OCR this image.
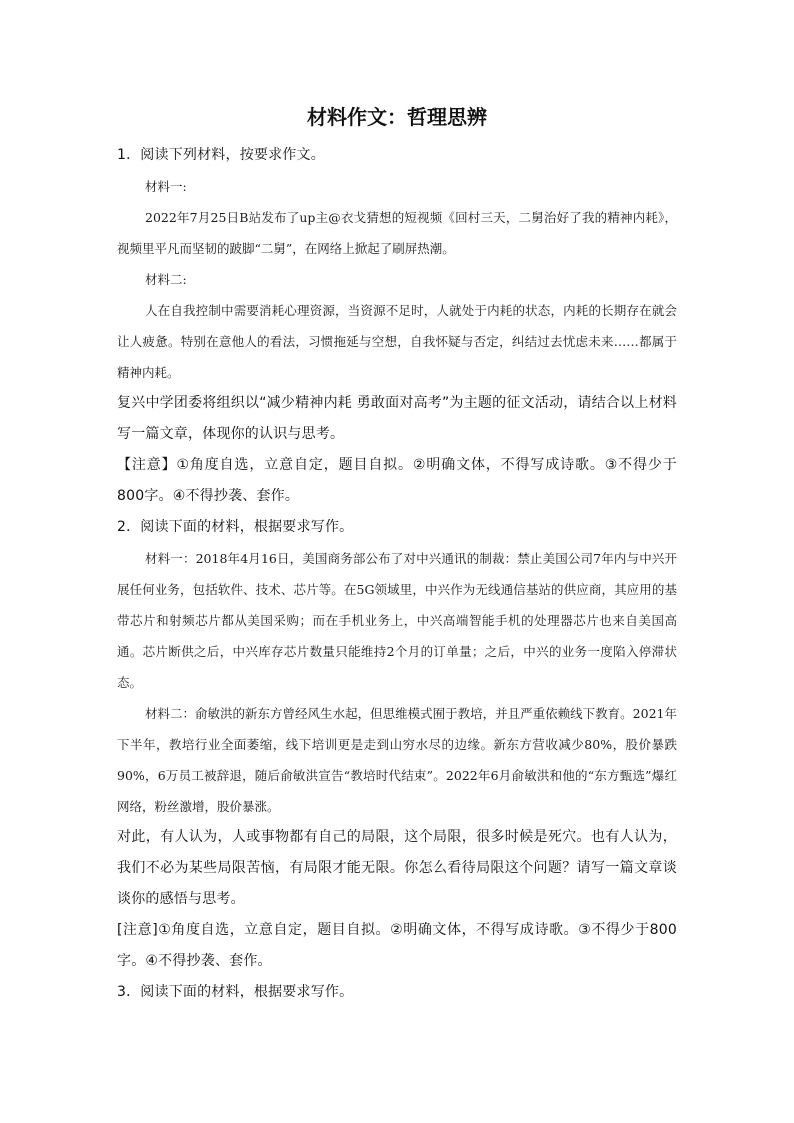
材料作文：哲理思辨

1．阅读下列材料，按要求作文。

材料一:

2022年7月25日B站发布了up主@衣戈猜想的短视频《回村三天，二舅治好了我的精神内耗》，视频里平凡而坚韧的跛脚“二舅”，在网络上掀起了刷屏热潮。

材料二:

人在自我控制中需要消耗心理资源，当资源不足时，人就处于内耗的状态，内耗的长期存在就会让人疲惫。特别在意他人的看法，习惯拖延与空想，自我怀疑与否定，纠结过去忧虑未来……都属于精神内耗。

复兴中学团委将组织以“减少精神内耗 勇敢面对高考”为主题的征文活动，请结合以上材料写一篇文章，体现你的认识与思考。

【注意】①角度自选，立意自定，题目自拟。②明确文体，不得写成诗歌。③不得少于800字。④不得抄袭、套作。

2．阅读下面的材料，根据要求写作。

材料一：2018年4月16日，美国商务部公布了对中兴通讯的制裁：禁止美国公司7年内与中兴开展任何业务，包括软件、技术、芯片等。在5G领域里，中兴作为无线通信基站的供应商，其应用的基带芯片和射频芯片都从美国采购；而在手机业务上，中兴高端智能手机的处理器芯片也来自美国高通。芯片断供之后，中兴库存芯片数量只能维持2个月的订单量；之后，中兴的业务一度陷入停滞状态。

材料二：俞敏洪的新东方曾经风生水起，但思维模式囿于教培，并且严重依赖线下教育。2021年下半年，教培行业全面萎缩，线下培训更是走到山穷水尽的边缘。新东方营收减少80%，股价暴跌90%，6万员工被辞退，随后俞敏洪宣告“教培时代结束”。2022年6月俞敏洪和他的“东方甄选”爆红网络，粉丝激增，股价暴涨。

对此，有人认为，人或事物都有自己的局限，这个局限，很多时候是死穴。也有人认为，我们不必为某些局限苦恼，有局限才能无限。你怎么看待局限这个问题？请写一篇文章谈谈你的感悟与思考。

[注意]①角度自选，立意自定，题目自拟。②明确文体，不得写成诗歌。③不得少于800字。④不得抄袭、套作。

3．阅读下面的材料，根据要求写作。
